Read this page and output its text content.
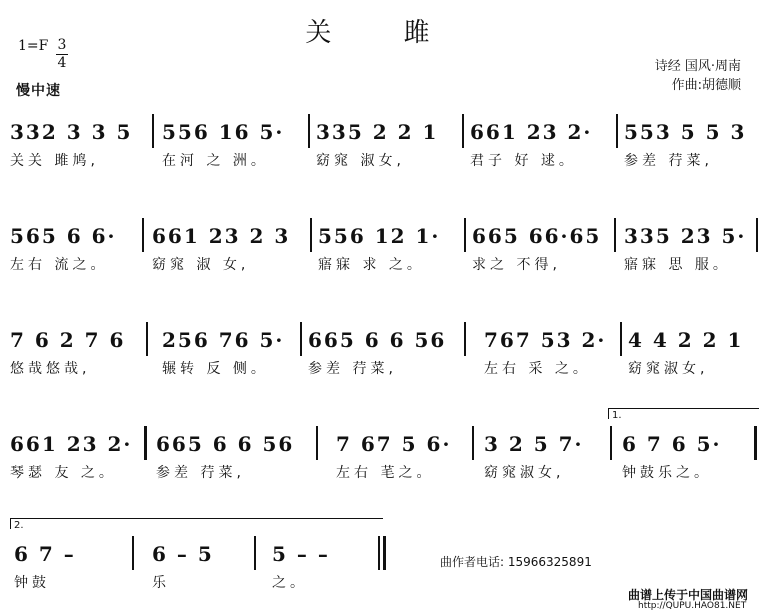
关 雎
1=F 3
4
慢中速
诗经 国风·周南
作曲:胡德顺
332 3 3 5
关关 雎鸠,
556 16 5·
在河 之 洲。
335 2 2 1
窈窕 淑女,
661 23 2·
君子 好 逑。
553 5 5 3
参差 荇菜,
565 6 6·
左右 流之。
661 23 2 3
窈窕 淑 女,
556 12 1·
寤寐 求 之。
665 66·65
求之 不得,
335 23 5·
寤寐 思 服。
7 6 2 7 6
悠哉悠哉,
256 76 5·
辗转 反 侧。
665 6 6 56
参差 荇菜,
767 53 2·
左右 采 之。
4 4 2 2 1
窈窕淑女,
661 23 2·
琴瑟 友 之。
665 6 6 56
参差 荇菜,
7 67 5 6·
左右 芼之。
3 2 5 7·
窈窕淑女,
1.
6 7 6 5·
钟鼓乐之。
2.
6 7 –
钟鼓
6 – 5
乐
5 – –
之。
曲作者电话: 15966325891
曲谱上传于中国曲谱网
http://QUPU.HAO81.NET
